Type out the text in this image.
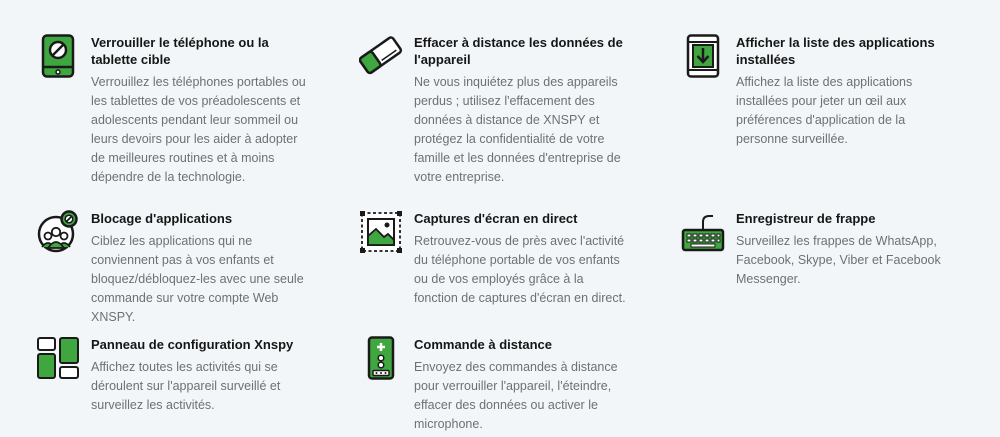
Verrouiller le téléphone ou la tablette cible

Verrouillez les téléphones portables ou les tablettes de vos préadolescents et adolescents pendant leur sommeil ou leurs devoirs pour les aider à adopter de meilleures routines et à moins dépendre de la technologie.

Effacer à distance les données de l'appareil

Ne vous inquiétez plus des appareils perdus ; utilisez l'effacement des données à distance de XNSPY et protégez la confidentialité de votre famille et les données d'entreprise de votre entreprise.

Afficher la liste des applications installées

Affichez la liste des applications installées pour jeter un œil aux préférences d'application de la personne surveillée.

Blocage d'applications

Ciblez les applications qui ne conviennent pas à vos enfants et bloquez/débloquez-les avec une seule commande sur votre compte Web XNSPY.

Captures d'écran en direct

Retrouvez-vous de près avec l'activité du téléphone portable de vos enfants ou de vos employés grâce à la fonction de captures d'écran en direct.

Enregistreur de frappe

Surveillez les frappes de WhatsApp, Facebook, Skype, Viber et Facebook Messenger.

Panneau de configuration Xnspy

Affichez toutes les activités qui se déroulent sur l'appareil surveillé et surveillez les activités.

Commande à distance

Envoyez des commandes à distance pour verrouiller l'appareil, l'éteindre, effacer des données ou activer le microphone.
